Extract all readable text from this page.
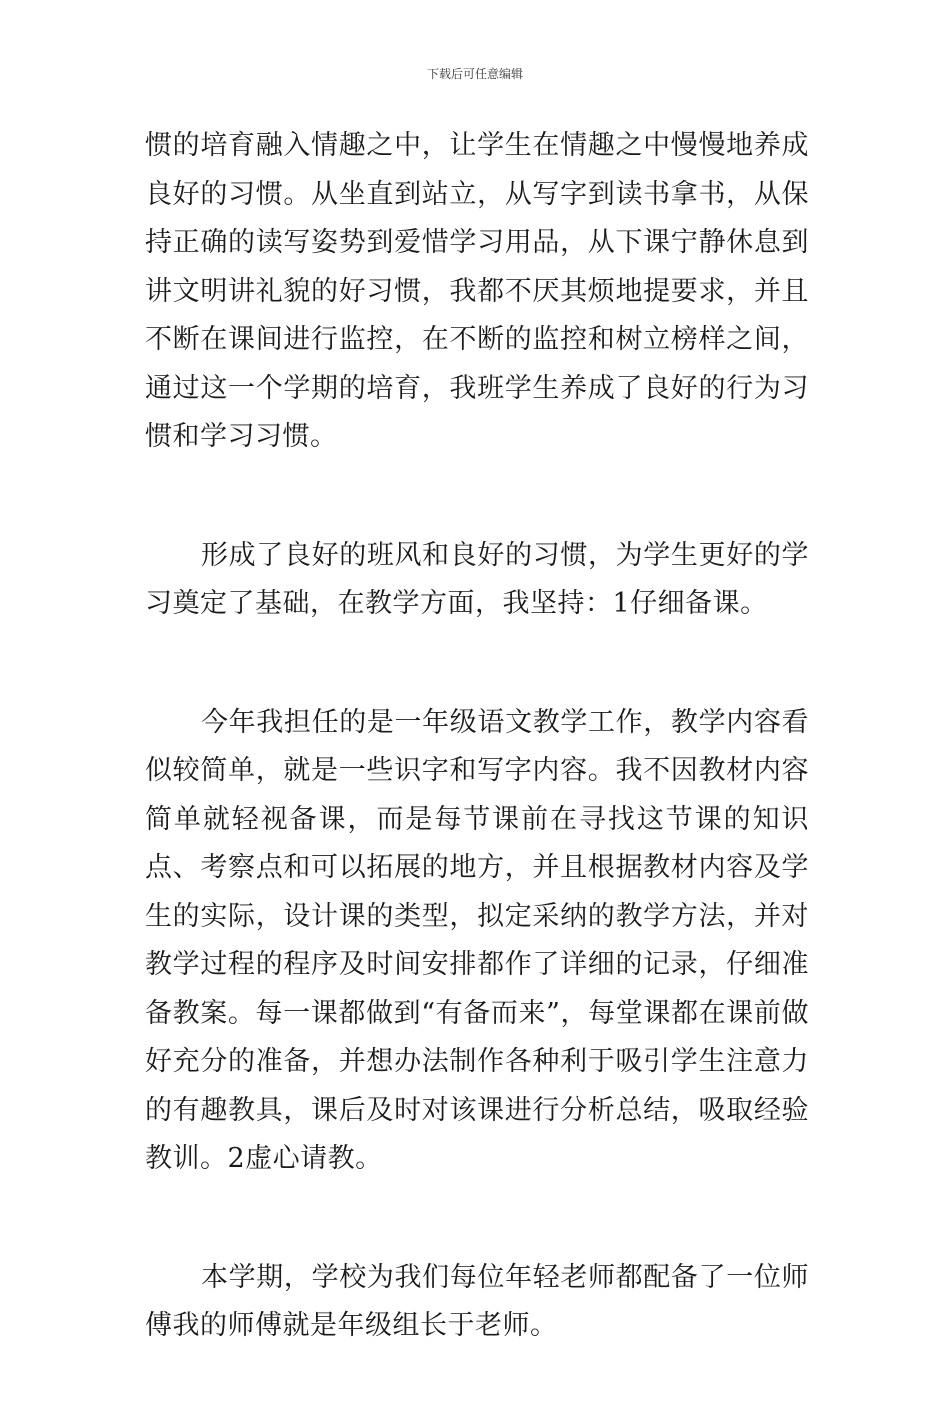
下载后可任意编辑

惯的培育融入情趣之中，让学生在情趣之中慢慢地养成良好的习惯。从坐直到站立，从写字到读书拿书，从保持正确的读写姿势到爱惜学习用品，从下课宁静休息到讲文明讲礼貌的好习惯，我都不厌其烦地提要求，并且不断在课间进行监控，在不断的监控和树立榜样之间，通过这一个学期的培育，我班学生养成了良好的行为习惯和学习习惯。

形成了良好的班风和良好的习惯，为学生更好的学习奠定了基础，在教学方面，我坚持：1仔细备课。

今年我担任的是一年级语文教学工作，教学内容看似较简单，就是一些识字和写字内容。我不因教材内容简单就轻视备课，而是每节课前在寻找这节课的知识点、考察点和可以拓展的地方，并且根据教材内容及学生的实际，设计课的类型，拟定采纳的教学方法，并对教学过程的程序及时间安排都作了详细的记录，仔细准备教案。每一课都做到“有备而来”，每堂课都在课前做好充分的准备，并想办法制作各种利于吸引学生注意力的有趣教具，课后及时对该课进行分析总结，吸取经验教训。2虚心请教。

本学期，学校为我们每位年轻老师都配备了一位师傅我的师傅就是年级组长于老师。
